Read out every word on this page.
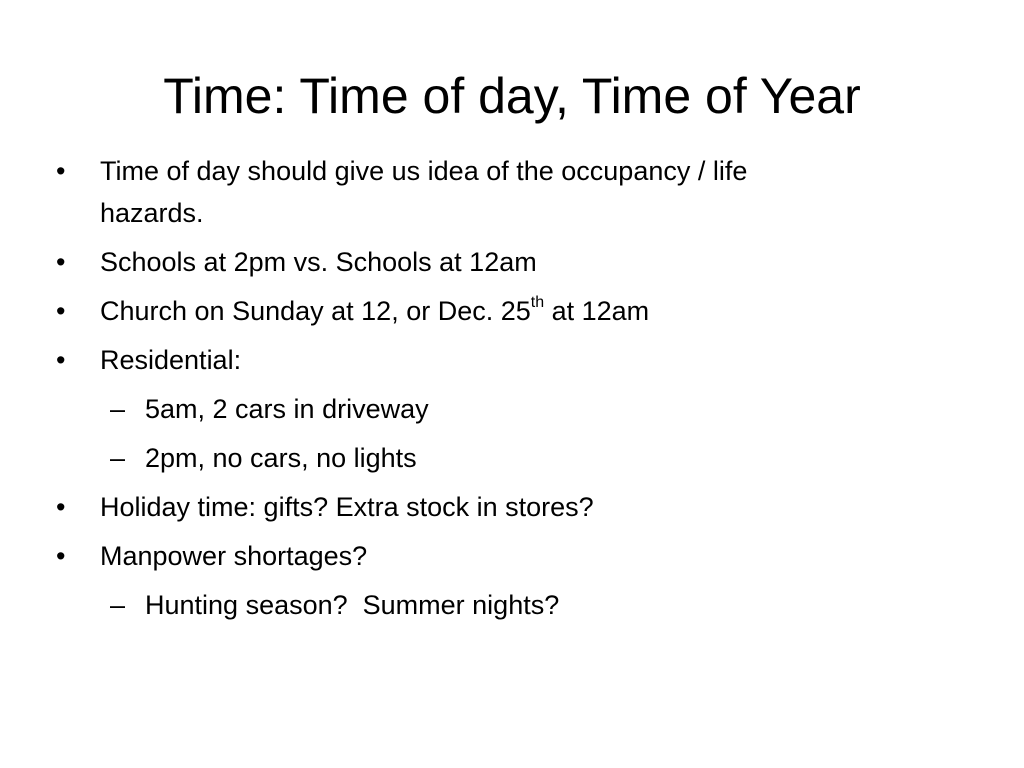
Time: Time of day, Time of Year
•	Time of day should give us idea of the occupancy / life
hazards.
•	Schools at 2pm vs. Schools at 12am
•	Church on Sunday at 12, or Dec. 25th at 12am
•	Residential:
– 5am, 2 cars in driveway
– 2pm, no cars, no lights
•	Holiday time: gifts? Extra stock in stores?
•	Manpower shortages?
– Hunting season?  Summer nights?
